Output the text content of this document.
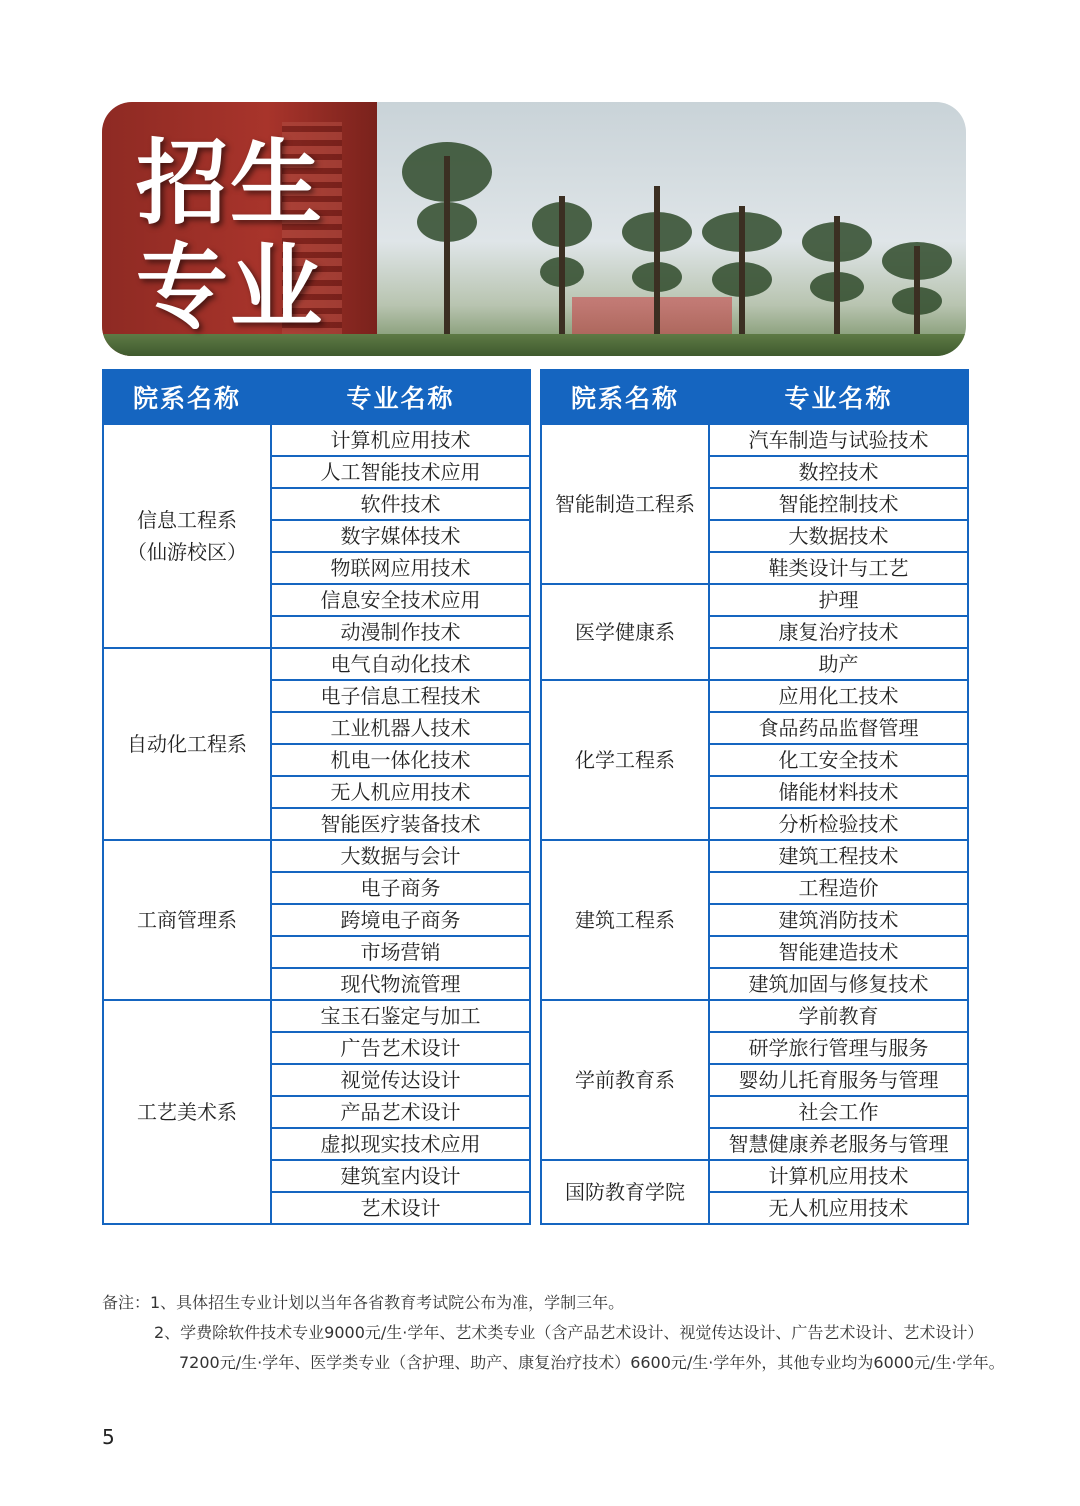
招生
专业
院系名称	专业名称

信息工程系
（仙游校区）	计算机应用技术
	人工智能技术应用
	软件技术
	数字媒体技术
	物联网应用技术
	信息安全技术应用
	动漫制作技术
自动化工程系	电气自动化技术
	电子信息工程技术
	工业机器人技术
	机电一体化技术
	无人机应用技术
	智能医疗装备技术
工商管理系	大数据与会计
	电子商务
	跨境电子商务
	市场营销
	现代物流管理
工艺美术系	宝玉石鉴定与加工
	广告艺术设计
	视觉传达设计
	产品艺术设计
	虚拟现实技术应用
	建筑室内设计
	艺术设计
院系名称	专业名称
智能制造工程系	汽车制造与试验技术
	数控技术
	智能控制技术
	大数据技术
	鞋类设计与工艺
医学健康系	护理
	康复治疗技术
	助产
化学工程系	应用化工技术
	食品药品监督管理
	化工安全技术
	储能材料技术
	分析检验技术
建筑工程系	建筑工程技术
	工程造价
	建筑消防技术
	智能建造技术
	建筑加固与修复技术
学前教育系	学前教育
	研学旅行管理与服务
	婴幼儿托育服务与管理
	社会工作
	智慧健康养老服务与管理
国防教育学院	计算机应用技术
	无人机应用技术
备注：1、具体招生专业计划以当年各省教育考试院公布为准，学制三年。
2、学费除软件技术专业9000元/生·学年、艺术类专业（含产品艺术设计、视觉传达设计、广告艺术设计、艺术设计）
7200元/生·学年、医学类专业（含护理、助产、康复治疗技术）6600元/生·学年外，其他专业均为6000元/生·学年。
5
